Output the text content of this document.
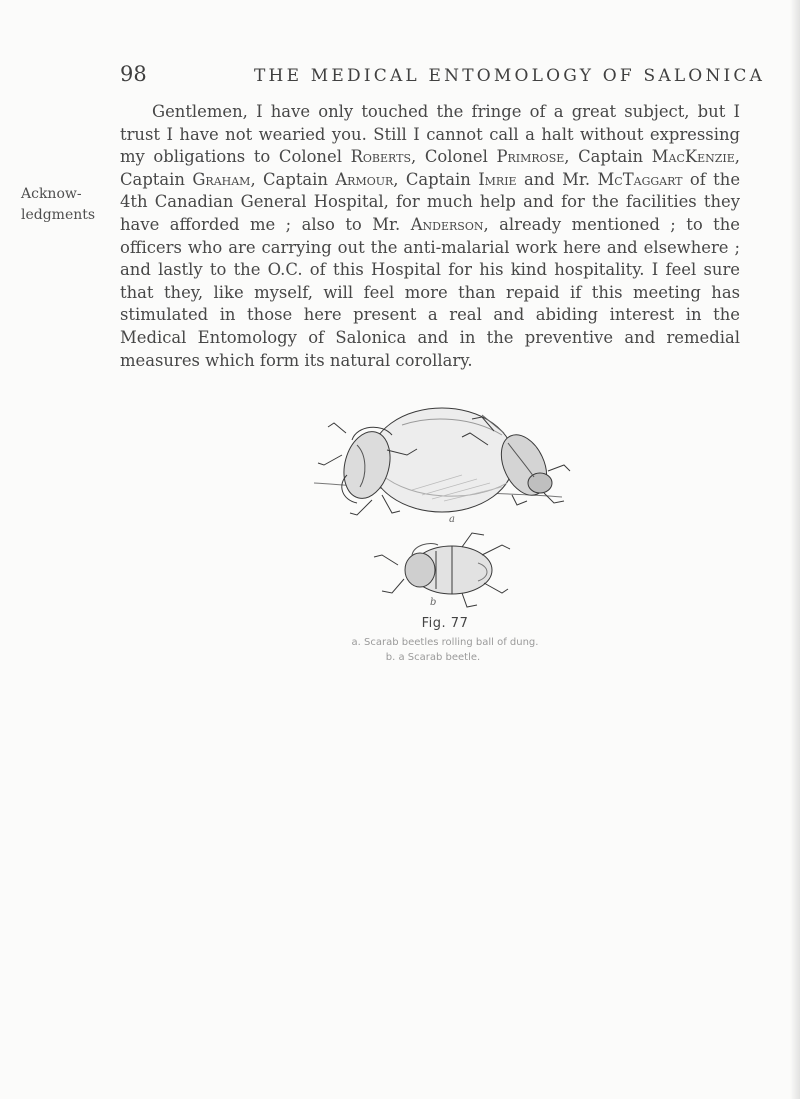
98	THE MEDICAL ENTOMOLOGY OF SALONICA
Acknow-
ledgments

Gentlemen, I have only touched the fringe of a great subject, but I trust I have not wearied you. Still I cannot call a halt without expressing my obligations to Colonel Roberts, Colonel Primrose, Captain MacKenzie, Captain Graham, Captain Armour, Captain Imrie and Mr. McTaggart of the 4th Canadian General Hospital, for much help and for the facilities they have afforded me ; also to Mr. Anderson, already mentioned ; to the officers who are carrying out the anti-malarial work here and elsewhere ; and lastly to the O.C. of this Hospital for his kind hospitality. I feel sure that they, like myself, will feel more than repaid if this meeting has stimulated in those here present a real and abiding interest in the Medical Entomology of Salonica and in the preventive and remedial measures which form its natural corollary.

a
b
Fig. 77
a. Scarab beetles rolling ball of dung.
b. a Scarab beetle.
